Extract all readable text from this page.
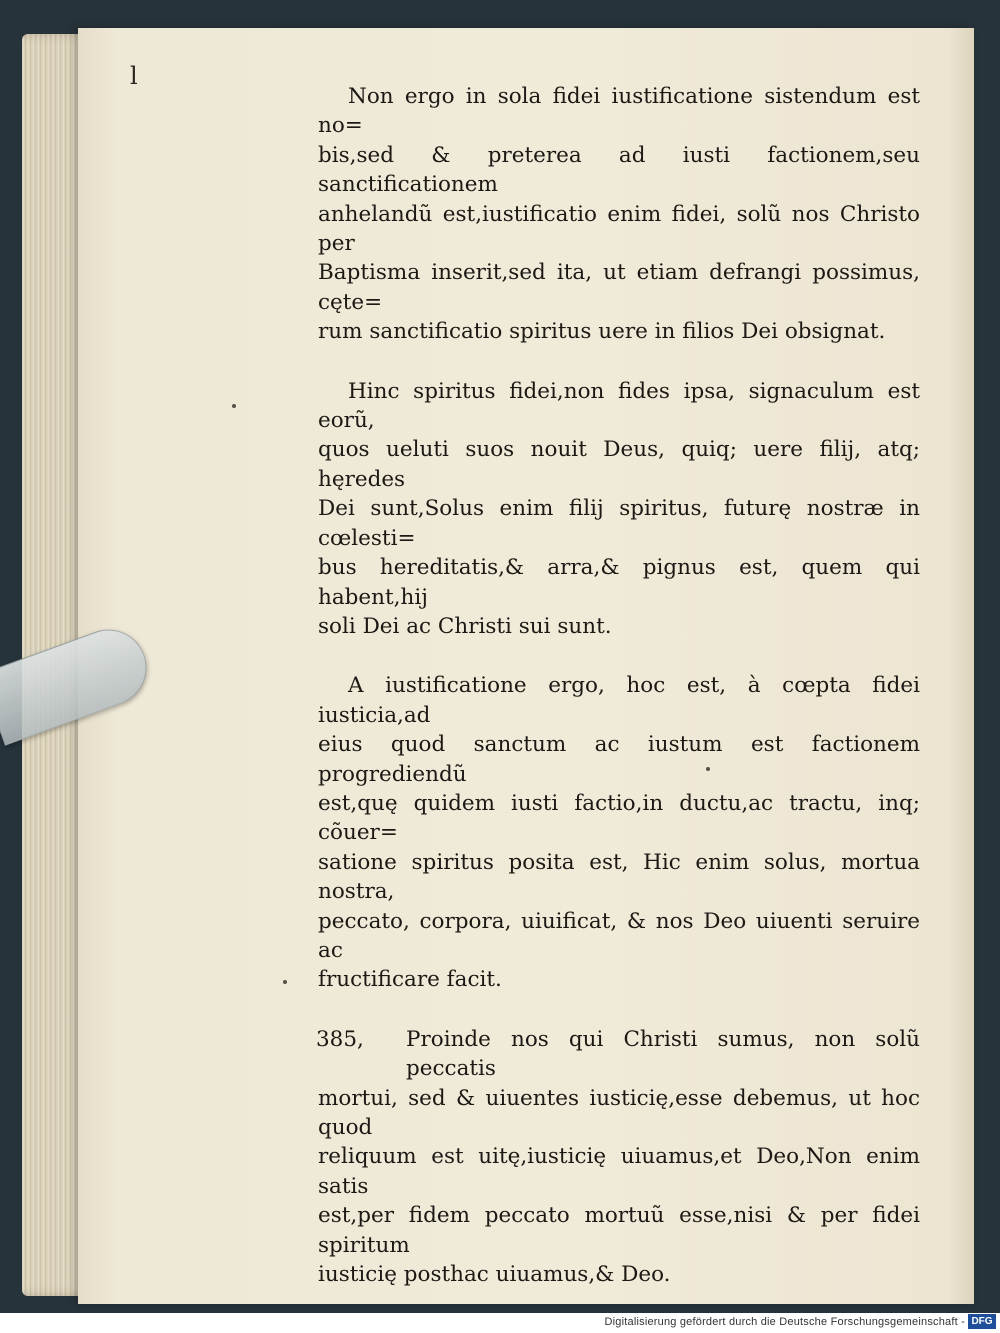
l
Non ergo in sola fidei iustificatione sistendum est no=
bis,sed & preterea ad iusti factionem,seu sanctificationem
anhelandũ est,iustificatio enim fidei, solũ nos Christo per
Baptisma inserit,sed ita, ut etiam defrangi possimus, cęte=
rum sanctificatio spiritus uere in filios Dei obsignat.
Hinc spiritus fidei,non fides ipsa, signaculum est eorũ,
quos ueluti suos nouit Deus, quiq; uere filij, atq; hęredes
Dei sunt,Solus enim filij spiritus, futurę nostræ in cœlesti=
bus hereditatis,& arra,& pignus est, quem qui habent,hij
soli Dei ac Christi sui sunt.
A iustificatione ergo, hoc est, à cœpta fidei iusticia,ad
eius quod sanctum ac iustum est factionem progrediendũ
est,quę quidem iusti factio,in ductu,ac tractu, inq; cõuer=
satione spiritus posita est, Hic enim solus, mortua nostra,
peccato, corpora, uiuificat, & nos Deo uiuenti seruire ac
fructificare facit.
385,	Proinde nos qui Christi sumus, non solũ peccatis
mortui, sed & uiuentes iusticię,esse debemus, ut hoc quod
reliquum est uitę,iusticię uiuamus,et Deo,Non enim satis
est,per fidem peccato mortuũ esse,nisi & per fidei spiritum
iusticię posthac uiuamus,& Deo.
Digitalisierung gefördert durch die Deutsche Forschungsgemeinschaft - DFG
